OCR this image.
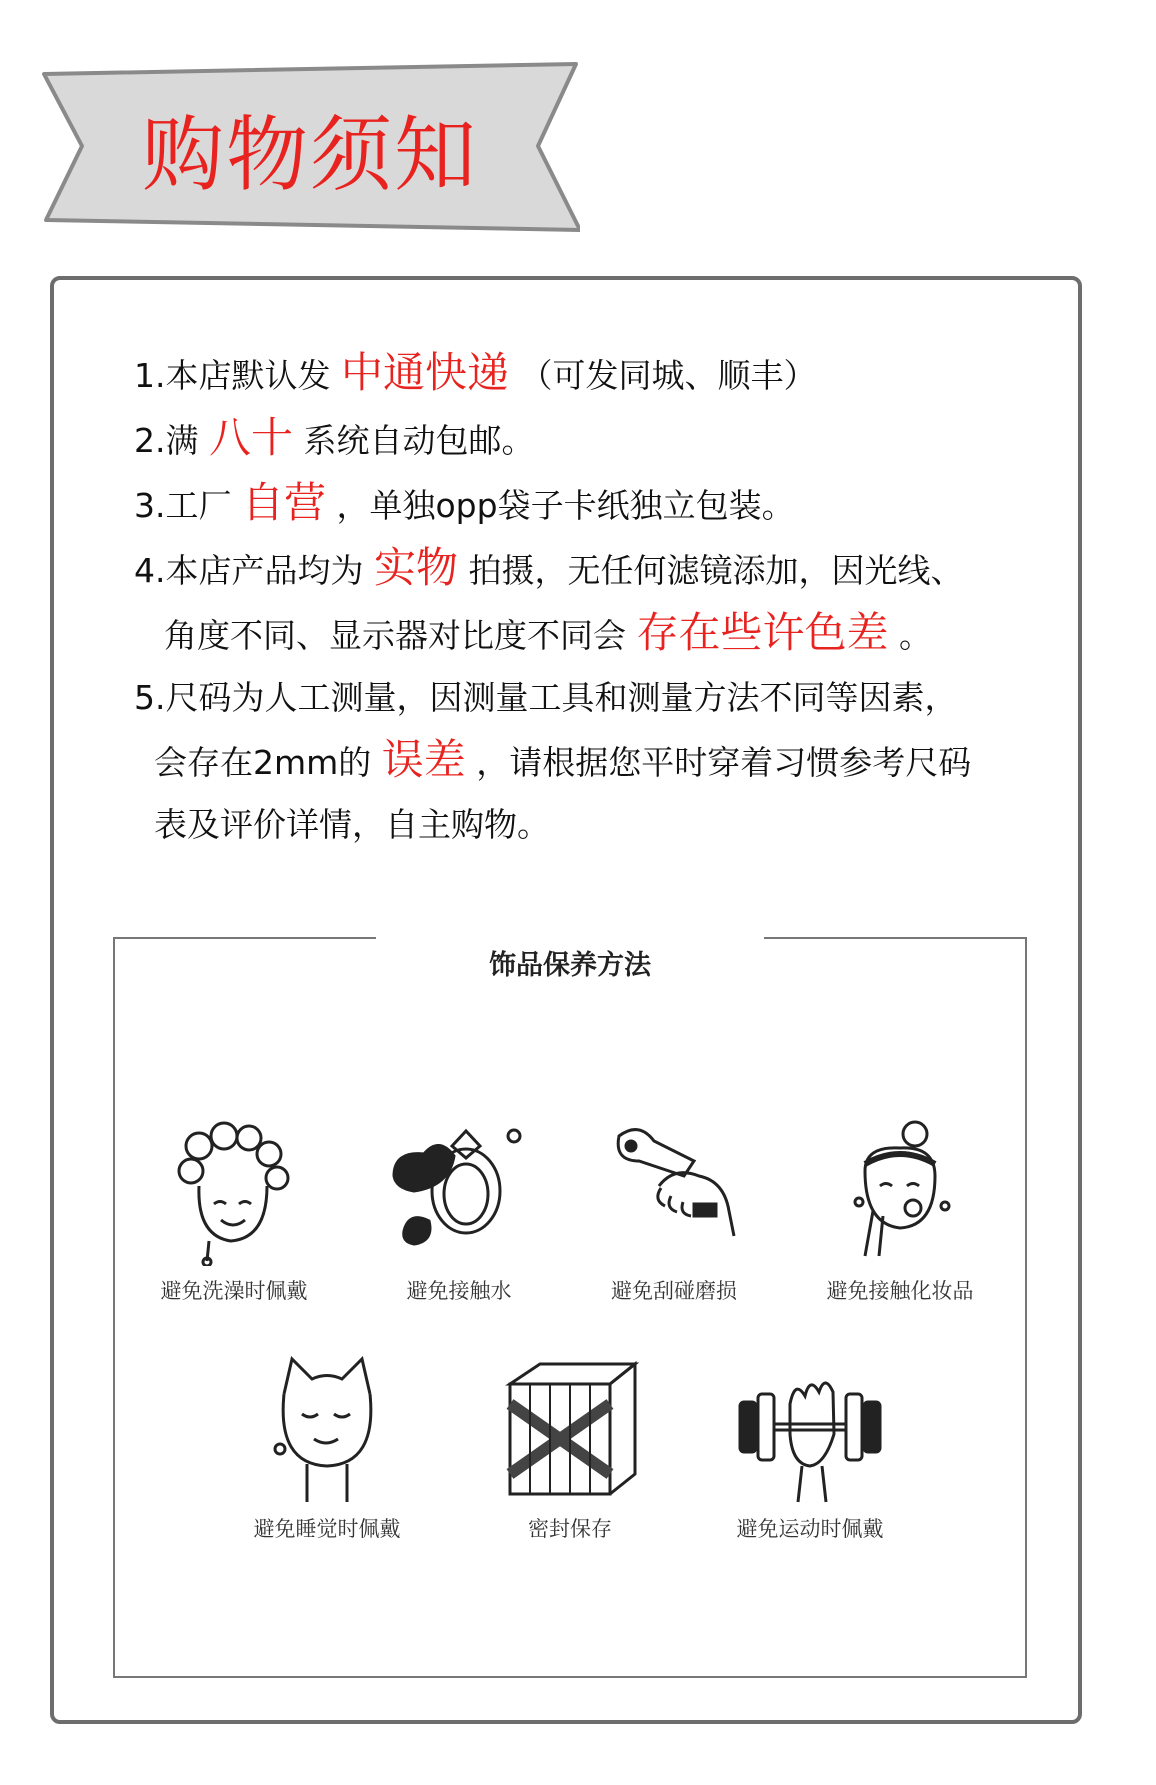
购物须知
1.本店默认发 中通快递 （可发同城、顺丰）
2.满 八十 系统自动包邮。
3.工厂 自营 ，单独opp袋子卡纸独立包装。
4.本店产品均为 实物 拍摄，无任何滤镜添加，因光线、
角度不同、显示器对比度不同会 存在些许色差 。
5.尺码为人工测量，因测量工具和测量方法不同等因素，
会存在2mm的 误差 ，请根据您平时穿着习惯参考尺码
表及评价详情，自主购物。
饰品保养方法
避免洗澡时佩戴	避免接触水	避免刮碰磨损	避免接触化妆品
避免睡觉时佩戴	密封保存	避免运动时佩戴
